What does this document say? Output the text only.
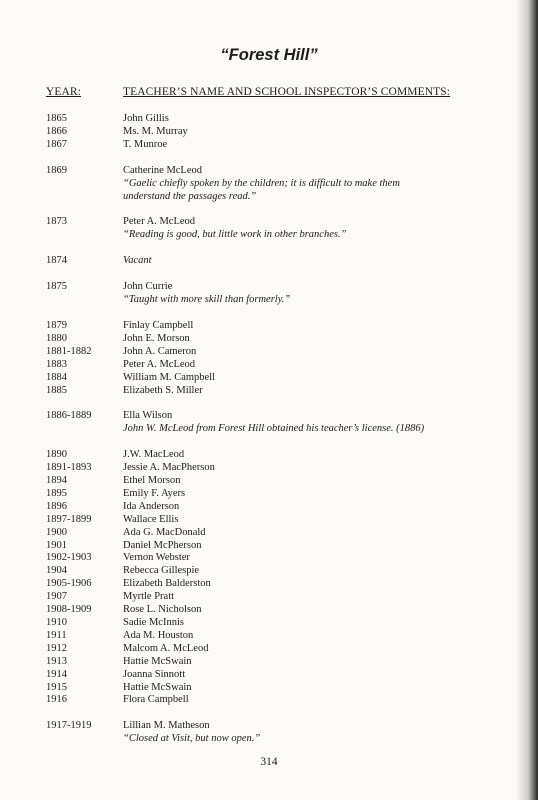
“Forest Hill”
YEAR:	TEACHER’S NAME AND SCHOOL INSPECTOR’S COMMENTS:
1865	John Gillis
1866	Ms. M. Murray
1867	T. Munroe
1869	Catherine McLeod
“Gaelic chiefly spoken by the children; it is difficult to make them
understand the passages read.”
1873	Peter A. McLeod
“Reading is good, but little work in other branches.”
1874	Vacant
1875	John Currie
“Taught with more skill than formerly.”
1879	Finlay Campbell
1880	John E. Morson
1881-1882	John A. Cameron
1883	Peter A. McLeod
1884	William M. Campbell
1885	Elizabeth S. Miller
1886-1889	Ella Wilson
John W. McLeod from Forest Hill obtained his teacher’s license. (1886)
1890	J.W. MacLeod
1891-1893	Jessie A. MacPherson
1894	Ethel Morson
1895	Emily F. Ayers
1896	Ida Anderson
1897-1899	Wallace Ellis
1900	Ada G. MacDonald
1901	Daniel McPherson
1902-1903	Vernon Webster
1904	Rebecca Gillespie
1905-1906	Elizabeth Balderston
1907	Myrtle Pratt
1908-1909	Rose L. Nicholson
1910	Sadie McInnis
1911	Ada M. Houston
1912	Malcom A. McLeod
1913	Hattie McSwain
1914	Joanna Sinnott
1915	Hattie McSwain
1916	Flora Campbell
1917-1919	Lillian M. Matheson
“Closed at Visit, but now open.”
314
